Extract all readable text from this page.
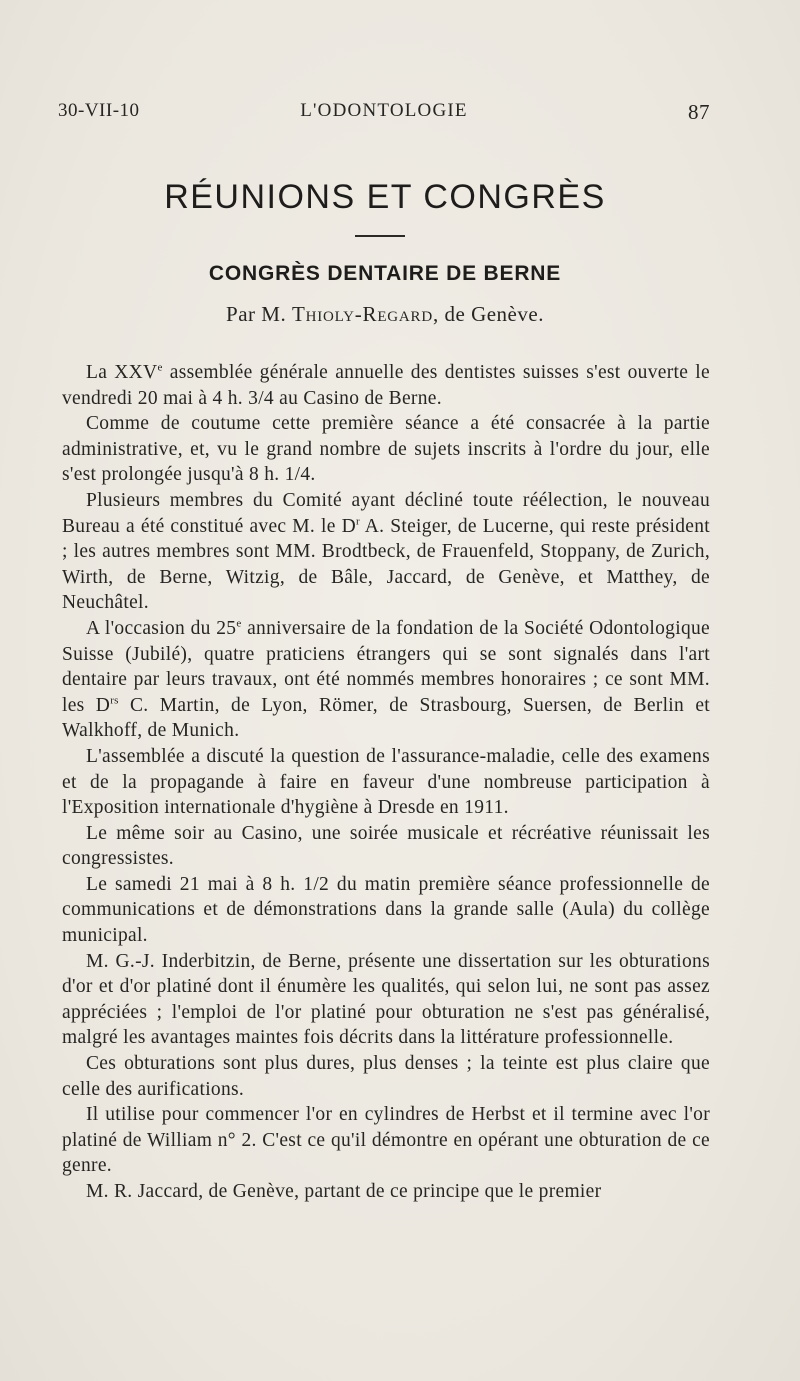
30-VII-10	L'ODONTOLOGIE	87
RÉUNIONS ET CONGRÈS
CONGRÈS DENTAIRE DE BERNE
Par M. Thioly-Regard, de Genève.

La XXVe assemblée générale annuelle des dentistes suisses s'est ouverte le vendredi 20 mai à 4 h. 3/4 au Casino de Berne.

Comme de coutume cette première séance a été consacrée à la partie administrative, et, vu le grand nombre de sujets inscrits à l'ordre du jour, elle s'est prolongée jusqu'à 8 h. 1/4.

Plusieurs membres du Comité ayant décliné toute réélection, le nouveau Bureau a été constitué avec M. le $D^r$ A. Steiger, de Lucerne, qui reste président ; les autres membres sont MM. Brodtbeck, de Frauenfeld, Stoppany, de Zurich, Wirth, de Berne, Witzig, de Bâle, Jaccard, de Genève, et Matthey, de Neuchâtel.

A l'occasion du 25e anniversaire de la fondation de la Société Odontologique Suisse (Jubilé), quatre praticiens étrangers qui se sont signalés dans l'art dentaire par leurs travaux, ont été nommés membres honoraires ; ce sont MM. les $D^{rs}$ C. Martin, de Lyon, Römer, de Strasbourg, Suersen, de Berlin et Walkhoff, de Munich.

L'assemblée a discuté la question de l'assurance-maladie, celle des examens et de la propagande à faire en faveur d'une nombreuse participation à l'Exposition internationale d'hygiène à Dresde en 1911.

Le même soir au Casino, une soirée musicale et récréative réunissait les congressistes.

Le samedi 21 mai à 8 h. 1/2 du matin première séance professionnelle de communications et de démonstrations dans la grande salle (Aula) du collège municipal.

M. G.-J. Inderbitzin, de Berne, présente une dissertation sur les obturations d'or et d'or platiné dont il énumère les qualités, qui selon lui, ne sont pas assez appréciées ; l'emploi de l'or platiné pour obturation ne s'est pas généralisé, malgré les avantages maintes fois décrits dans la littérature professionnelle.

Ces obturations sont plus dures, plus denses ; la teinte est plus claire que celle des aurifications.

Il utilise pour commencer l'or en cylindres de Herbst et il termine avec l'or platiné de William n° 2. C'est ce qu'il démontre en opérant une obturation de ce genre.

M. R. Jaccard, de Genève, partant de ce principe que le premier
